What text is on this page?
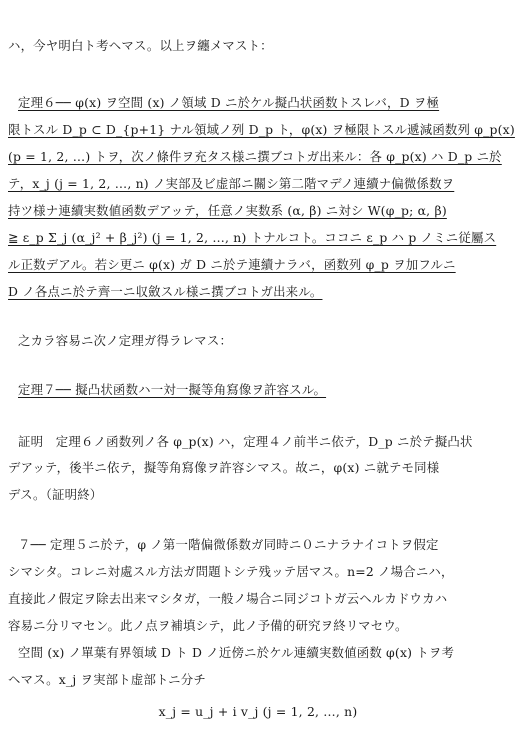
ハ，今ヤ明白ト考ヘマス。以上ヲ纏メマスト：
定理６── φ(x) ヲ空間 (x) ノ領域 D ニ於ケル擬凸状函数トスレバ，D ヲ極
限トスル D_p ⊂ D_{p+1} ナル領域ノ列 D_p ト，φ(x) ヲ極限トスル遞減函数列 φ_p(x)
(p = 1, 2, …) トヲ，次ノ條件ヲ充タス様ニ撰ブコトガ出来ル：各 φ_p(x) ハ D_p ニ於
テ，x_j (j = 1, 2, …, n) ノ実部及ビ虚部ニ關シ第二階マデノ連續ナ偏微係数ヲ
持ツ様ナ連續実数値函数デアッテ，任意ノ実数系 (α, β) ニ対シ W(φ_p; α, β)
≧ ε_p Σ_j (α_j² + β_j²) (j = 1, 2, …, n) トナルコト。ココニ ε_p ハ p ノミニ従屬ス
ル正数デアル。若シ更ニ φ(x) ガ D ニ於テ連續ナラバ，函数列 φ_p ヲ加フルニ
D ノ各点ニ於テ齊一ニ収斂スル様ニ撰ブコトガ出来ル。
之カラ容易ニ次ノ定理ガ得ラレマス：
定理７── 擬凸状函数ハ一対一擬等角寫像ヲ許容スル。
証明　定理６ノ函数列ノ各 φ_p(x) ハ，定理４ノ前半ニ依テ，D_p ニ於テ擬凸状
デアッテ，後半ニ依テ，擬等角寫像ヲ許容シマス。故ニ，φ(x) ニ就テモ同様
デス。（証明終）
７── 定理５ニ於テ，φ ノ第一階偏微係数ガ同時ニ０ニナラナイコトヲ假定
シマシタ。コレニ対處スル方法ガ問題トシテ残ッテ居マス。n=2 ノ場合ニハ，
直接此ノ假定ヲ除去出来マシタガ，一般ノ場合ニ同ジコトガ云ヘルカドウカハ
容易ニ分リマセン。此ノ点ヲ補填シテ，此ノ予備的研究ヲ終リマセウ。
空間 (x) ノ單葉有界領域 D ト D ノ近傍ニ於ケル連續実数値函数 φ(x) トヲ考
ヘマス。x_j ヲ実部ト虚部トニ分チ
x_j = u_j + i v_j (j = 1, 2, …, n)
